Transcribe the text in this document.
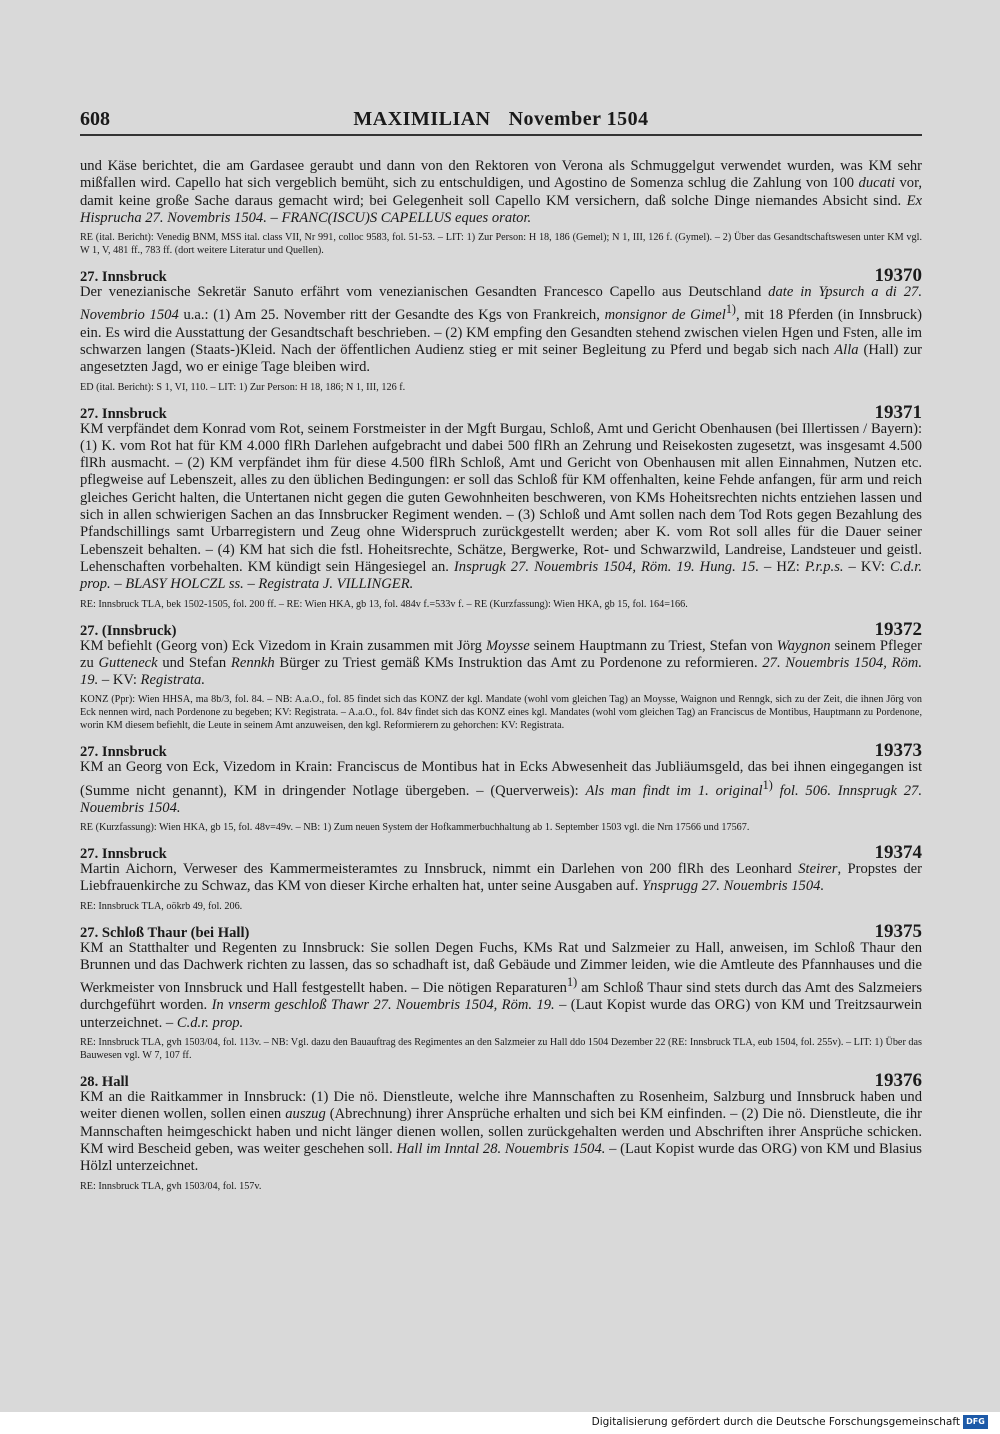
608	MAXIMILIAN November 1504

und Käse berichtet, die am Gardasee geraubt und dann von den Rektoren von Verona als Schmuggelgut verwendet wurden, was KM sehr mißfallen wird. Capello hat sich vergeblich bemüht, sich zu entschuldigen, und Agostino de Somenza schlug die Zahlung von 100 ducati vor, damit keine große Sache daraus gemacht wird; bei Gelegenheit soll Capello KM versichern, daß solche Dinge niemandes Absicht sind. Ex Hisprucha 27. Novembris 1504. – FRANC(ISCU)S CAPELLUS eques orator.

RE (ital. Bericht): Venedig BNM, MSS ital. class VII, Nr 991, colloc 9583, fol. 51-53. – LIT: 1) Zur Person: H 18, 186 (Gemel); N 1, III, 126 f. (Gymel). – 2) Über das Gesandtschaftswesen unter KM vgl. W 1, V, 481 ff., 783 ff. (dort weitere Literatur und Quellen).

27. Innsbruck	19370

Der venezianische Sekretär Sanuto erfährt vom venezianischen Gesandten Francesco Capello aus Deutschland date in Ypsurch a di 27. Novembrio 1504 u.a.: (1) Am 25. November ritt der Gesandte des Kgs von Frankreich, monsignor de Gimel$^{1)}$, mit 18 Pferden (in Innsbruck) ein. Es wird die Ausstattung der Gesandtschaft beschrieben. – (2) KM empfing den Gesandten stehend zwischen vielen Hgen und Fsten, alle im schwarzen langen (Staats-)Kleid. Nach der öffentlichen Audienz stieg er mit seiner Begleitung zu Pferd und begab sich nach Alla (Hall) zur angesetzten Jagd, wo er einige Tage bleiben wird.

ED (ital. Bericht): S 1, VI, 110. – LIT: 1) Zur Person: H 18, 186; N 1, III, 126 f.

27. Innsbruck	19371

KM verpfändet dem Konrad vom Rot, seinem Forstmeister in der Mgft Burgau, Schloß, Amt und Gericht Obenhausen (bei Illertissen / Bayern): (1) K. vom Rot hat für KM 4.000 flRh Darlehen aufgebracht und dabei 500 flRh an Zehrung und Reisekosten zugesetzt, was insgesamt 4.500 flRh ausmacht. – (2) KM verpfändet ihm für diese 4.500 flRh Schloß, Amt und Gericht von Obenhausen mit allen Einnahmen, Nutzen etc. pflegweise auf Lebenszeit, alles zu den üblichen Bedingungen: er soll das Schloß für KM offenhalten, keine Fehde anfangen, für arm und reich gleiches Gericht halten, die Untertanen nicht gegen die guten Gewohnheiten beschweren, von KMs Hoheitsrechten nichts entziehen lassen und sich in allen schwierigen Sachen an das Innsbrucker Regiment wenden. – (3) Schloß und Amt sollen nach dem Tod Rots gegen Bezahlung des Pfandschillings samt Urbarregistern und Zeug ohne Widerspruch zurückgestellt werden; aber K. vom Rot soll alles für die Dauer seiner Lebenszeit behalten. – (4) KM hat sich die fstl. Hoheitsrechte, Schätze, Bergwerke, Rot- und Schwarzwild, Landreise, Landsteuer und geistl. Lehenschaften vorbehalten. KM kündigt sein Hängesiegel an. Insprugk 27. Nouembris 1504, Röm. 19. Hung. 15. – HZ: P.r.p.s. – KV: C.d.r. prop. – BLASY HOLCZL ss. – Registrata J. VILLINGER.

RE: Innsbruck TLA, bek 1502-1505, fol. 200 ff. – RE: Wien HKA, gb 13, fol. 484v f.=533v f. – RE (Kurzfassung): Wien HKA, gb 15, fol. 164=166.

27. (Innsbruck)	19372

KM befiehlt (Georg von) Eck Vizedom in Krain zusammen mit Jörg Moysse seinem Hauptmann zu Triest, Stefan von Waygnon seinem Pfleger zu Gutteneck und Stefan Rennkh Bürger zu Triest gemäß KMs Instruktion das Amt zu Pordenone zu reformieren. 27. Nouembris 1504, Röm. 19. – KV: Registrata.

KONZ (Ppr): Wien HHSA, ma 8b/3, fol. 84. – NB: A.a.O., fol. 85 findet sich das KONZ der kgl. Mandate (wohl vom gleichen Tag) an Moysse, Waignon und Renngk, sich zu der Zeit, die ihnen Jörg von Eck nennen wird, nach Pordenone zu begeben; KV: Registrata. – A.a.O., fol. 84v findet sich das KONZ eines kgl. Mandates (wohl vom gleichen Tag) an Franciscus de Montibus, Hauptmann zu Pordenone, worin KM diesem befiehlt, die Leute in seinem Amt anzuweisen, den kgl. Reformierern zu gehorchen: KV: Registrata.

27. Innsbruck	19373

KM an Georg von Eck, Vizedom in Krain: Franciscus de Montibus hat in Ecks Abwesenheit das Jubliäumsgeld, das bei ihnen eingegangen ist (Summe nicht genannt), KM in dringender Notlage übergeben. – (Querverweis): Als man findt im 1. original$^{1)}$ fol. 506. Innsprugk 27. Nouembris 1504.

RE (Kurzfassung): Wien HKA, gb 15, fol. 48v=49v. – NB: 1) Zum neuen System der Hofkammerbuchhaltung ab 1. September 1503 vgl. die Nrn 17566 und 17567.

27. Innsbruck	19374

Martin Aichorn, Verweser des Kammermeisteramtes zu Innsbruck, nimmt ein Darlehen von 200 flRh des Leonhard Steirer, Propstes der Liebfrauenkirche zu Schwaz, das KM von dieser Kirche erhalten hat, unter seine Ausgaben auf. Ynsprugg 27. Nouembris 1504.

RE: Innsbruck TLA, oökrb 49, fol. 206.

27. Schloß Thaur (bei Hall)	19375

KM an Statthalter und Regenten zu Innsbruck: Sie sollen Degen Fuchs, KMs Rat und Salzmeier zu Hall, anweisen, im Schloß Thaur den Brunnen und das Dachwerk richten zu lassen, das so schadhaft ist, daß Gebäude und Zimmer leiden, wie die Amtleute des Pfannhauses und die Werkmeister von Innsbruck und Hall festgestellt haben. – Die nötigen Reparaturen$^{1)}$ am Schloß Thaur sind stets durch das Amt des Salzmeiers durchgeführt worden. In vnserm geschloß Thawr 27. Nouembris 1504, Röm. 19. – (Laut Kopist wurde das ORG) von KM und Treitzsaurwein unterzeichnet. – C.d.r. prop.

RE: Innsbruck TLA, gvh 1503/04, fol. 113v. – NB: Vgl. dazu den Bauauftrag des Regimentes an den Salzmeier zu Hall ddo 1504 Dezember 22 (RE: Innsbruck TLA, eub 1504, fol. 255v). – LIT: 1) Über das Bauwesen vgl. W 7, 107 ff.

28. Hall	19376

KM an die Raitkammer in Innsbruck: (1) Die nö. Dienstleute, welche ihre Mannschaften zu Rosenheim, Salzburg und Innsbruck haben und weiter dienen wollen, sollen einen auszug (Abrechnung) ihrer Ansprüche erhalten und sich bei KM einfinden. – (2) Die nö. Dienstleute, die ihr Mannschaften heimgeschickt haben und nicht länger dienen wollen, sollen zurückgehalten werden und Abschriften ihrer Ansprüche schicken. KM wird Bescheid geben, was weiter geschehen soll. Hall im Inntal 28. Nouembris 1504. – (Laut Kopist wurde das ORG) von KM und Blasius Hölzl unterzeichnet.

RE: Innsbruck TLA, gvh 1503/04, fol. 157v.

Digitalisierung gefördert durch die Deutsche Forschungsgemeinschaft DFG
